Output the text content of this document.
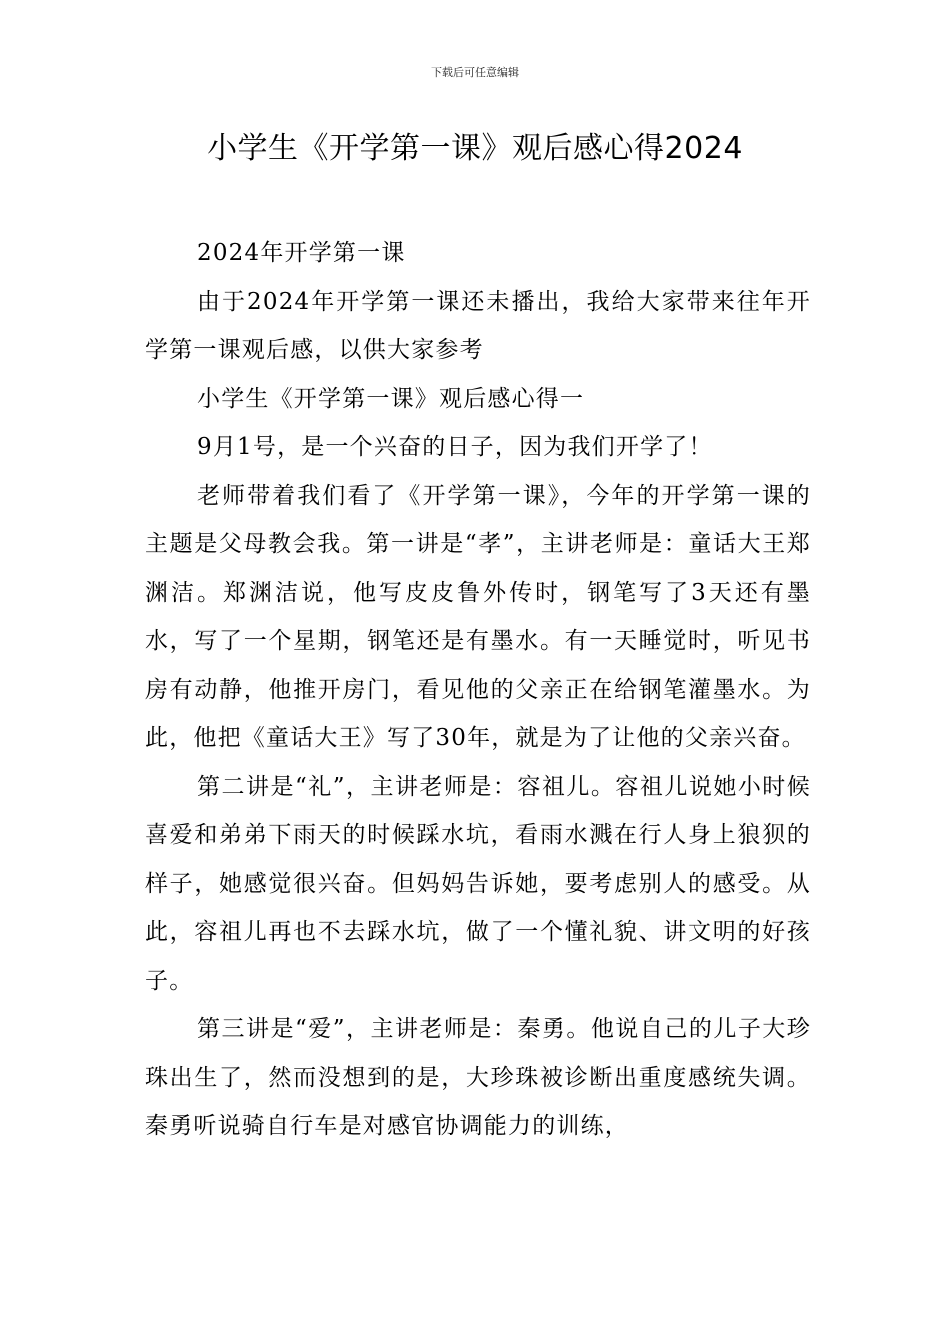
下载后可任意编辑
小学生《开学第一课》观后感心得2024

2024年开学第一课

由于2024年开学第一课还未播出，我给大家带来往年开学第一课观后感，以供大家参考

小学生《开学第一课》观后感心得一

9月1号，是一个兴奋的日子，因为我们开学了！

老师带着我们看了《开学第一课》，今年的开学第一课的主题是父母教会我。第一讲是“孝”，主讲老师是：童话大王郑渊洁。郑渊洁说，他写皮皮鲁外传时，钢笔写了3天还有墨水，写了一个星期，钢笔还是有墨水。有一天睡觉时，听见书房有动静，他推开房门，看见他的父亲正在给钢笔灌墨水。为此，他把《童话大王》写了30年，就是为了让他的父亲兴奋。

第二讲是“礼”，主讲老师是：容祖儿。容祖儿说她小时候喜爱和弟弟下雨天的时候踩水坑，看雨水溅在行人身上狼狈的样子，她感觉很兴奋。但妈妈告诉她，要考虑别人的感受。从此，容祖儿再也不去踩水坑，做了一个懂礼貌、讲文明的好孩子。

第三讲是“爱”，主讲老师是：秦勇。他说自己的儿子大珍珠出生了，然而没想到的是，大珍珠被诊断出重度感统失调。秦勇听说骑自行车是对感官协调能力的训练，
